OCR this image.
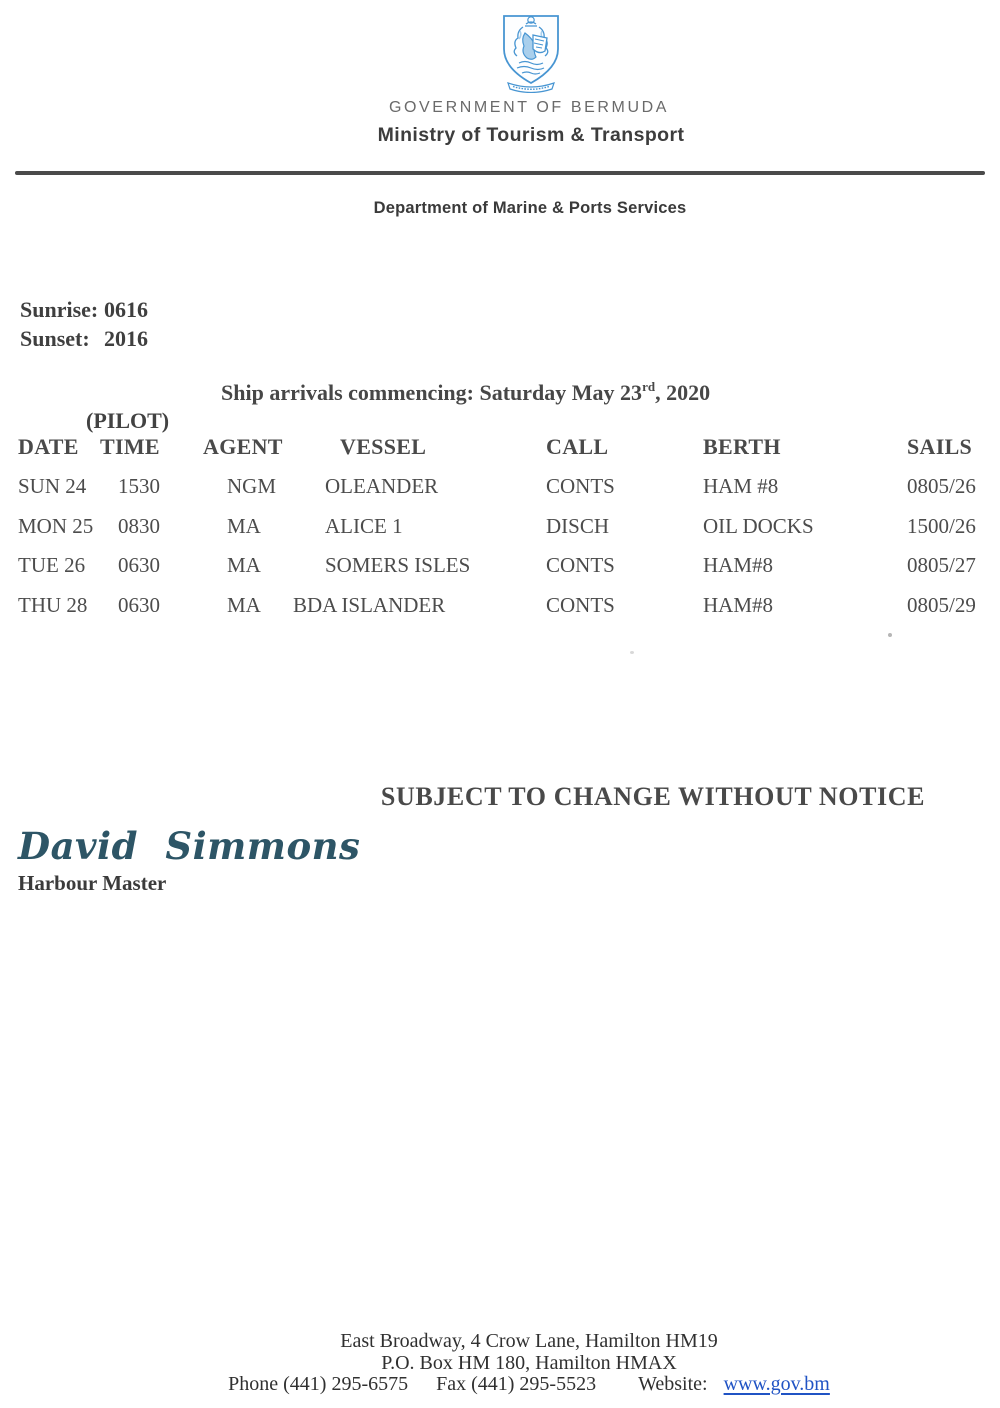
GOVERNMENT OF BERMUDA
Ministry of Tourism & Transport
Department of Marine & Ports Services
Sunrise: 0616
Sunset: 2016
Ship arrivals commencing: Saturday May 23rd, 2020
(PILOT)
DATE TIME	AGENT	VESSEL	CALL	BERTH	SAILS
SUN 24	1530	NGM	OLEANDER	CONTS	HAM #8	0805/26
MON 25	0830	MA	ALICE 1	DISCH	OIL DOCKS	1500/26
TUE 26	0630	MA	SOMERS ISLES	CONTS	HAM#8	0805/27
THU 28	0630	MA	BDA ISLANDER	CONTS	HAM#8	0805/29
SUBJECT TO CHANGE WITHOUT NOTICE
David Simmons
Harbour Master
East Broadway, 4 Crow Lane, Hamilton HM19
P.O. Box HM 180, Hamilton HMAX
Phone (441) 295-6575 Fax (441) 295-5523 Website: www.gov.bm
